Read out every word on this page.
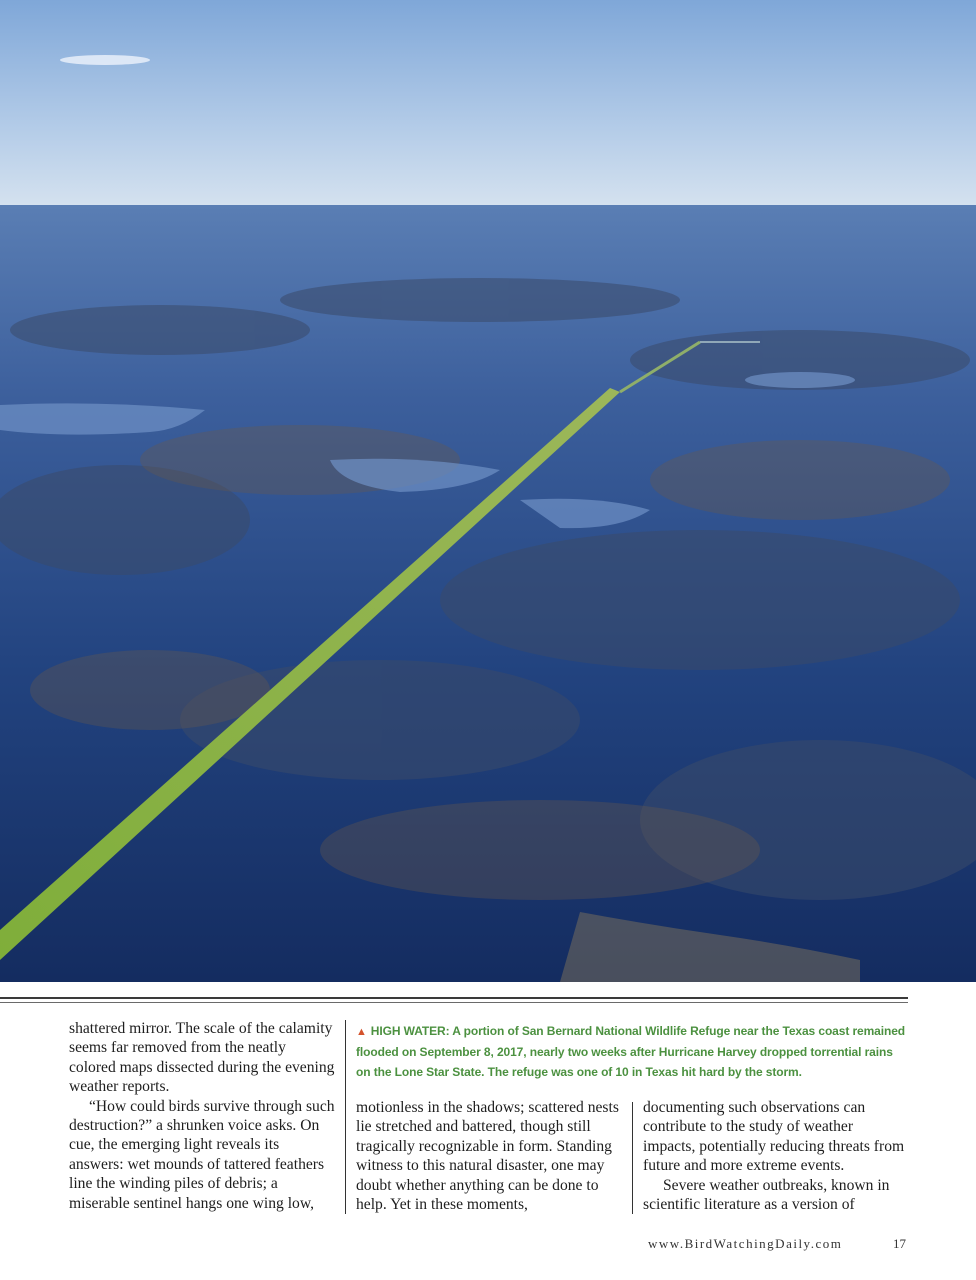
shattered mirror. The scale of the calamity seems far removed from the neatly colored maps dissected during the evening weather reports.

“How could birds survive through such destruction?” a shrunken voice asks. On cue, the emerging light reveals its answers: wet mounds of tattered feathers line the winding piles of debris; a miserable sentinel hangs one wing low,

▲ HIGH WATER: A portion of San Bernard National Wildlife Refuge near the Texas coast remained flooded on September 8, 2017, nearly two weeks after Hurricane Harvey dropped torrential rains on the Lone Star State. The refuge was one of 10 in Texas hit hard by the storm.

motionless in the shadows; scattered nests lie stretched and battered, though still tragically recognizable in form. Standing witness to this natural disaster, one may doubt whether anything can be done to help. Yet in these moments,

documenting such observations can contribute to the study of weather impacts, potentially reducing threats from future and more extreme events.

Severe weather outbreaks, known in scientific literature as a version of

www.BirdWatchingDaily.com	17
